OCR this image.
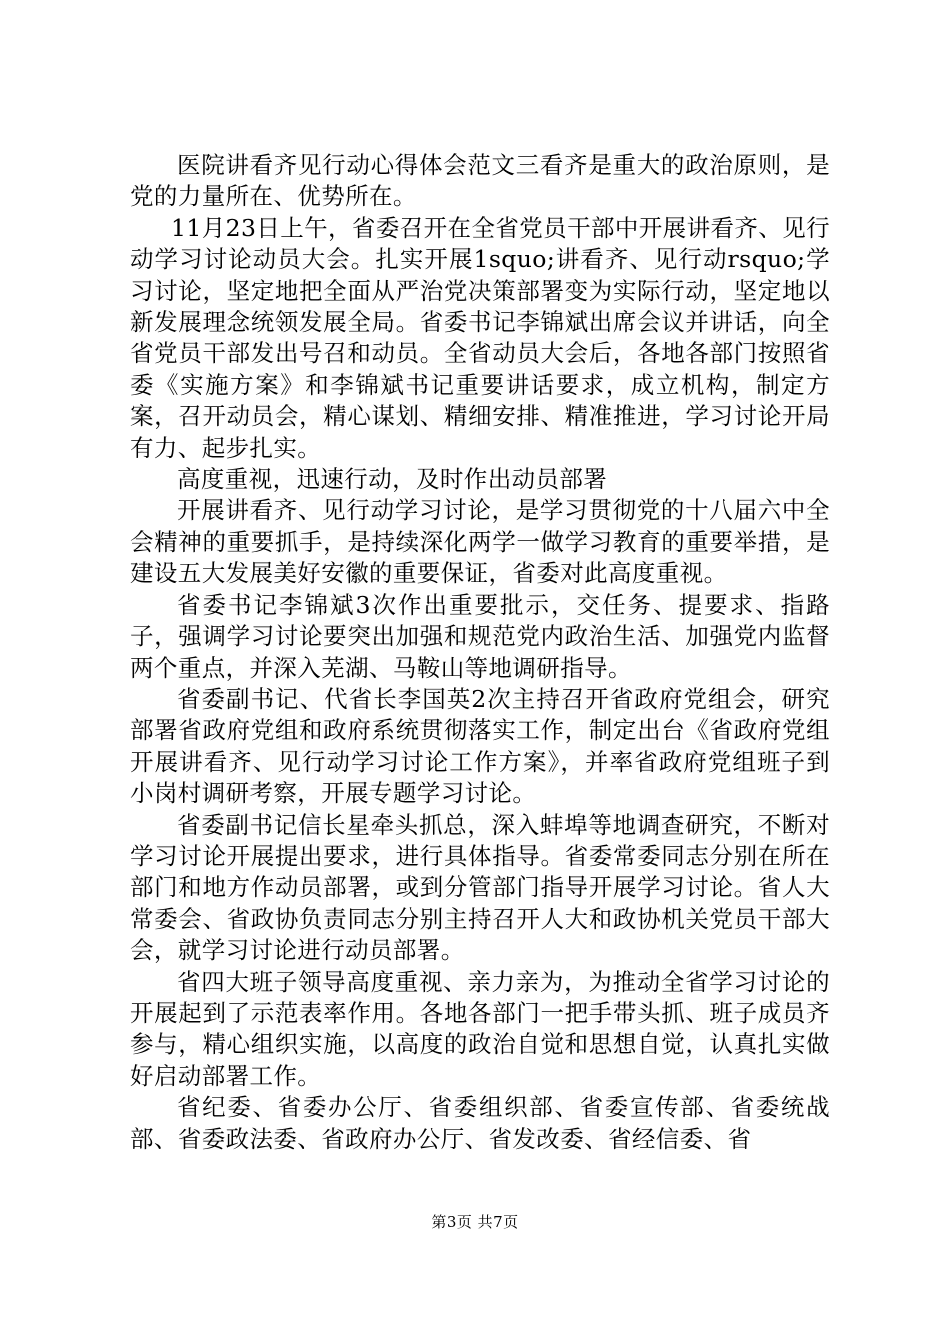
医院讲看齐见行动心得体会范文三看齐是重大的政治原则，是党的力量所在、优势所在。

11月23日上午，省委召开在全省党员干部中开展讲看齐、见行动学习讨论动员大会。扎实开展1squo;讲看齐、见行动rsquo;学习讨论，坚定地把全面从严治党决策部署变为实际行动，坚定地以新发展理念统领发展全局。省委书记李锦斌出席会议并讲话，向全省党员干部发出号召和动员。全省动员大会后，各地各部门按照省委《实施方案》和李锦斌书记重要讲话要求，成立机构，制定方案，召开动员会，精心谋划、精细安排、精准推进，学习讨论开局有力、起步扎实。

高度重视，迅速行动，及时作出动员部署

开展讲看齐、见行动学习讨论，是学习贯彻党的十八届六中全会精神的重要抓手，是持续深化两学一做学习教育的重要举措，是建设五大发展美好安徽的重要保证，省委对此高度重视。

省委书记李锦斌3次作出重要批示，交任务、提要求、指路子，强调学习讨论要突出加强和规范党内政治生活、加强党内监督两个重点，并深入芜湖、马鞍山等地调研指导。

省委副书记、代省长李国英2次主持召开省政府党组会，研究部署省政府党组和政府系统贯彻落实工作，制定出台《省政府党组开展讲看齐、见行动学习讨论工作方案》，并率省政府党组班子到小岗村调研考察，开展专题学习讨论。

省委副书记信长星牵头抓总，深入蚌埠等地调查研究，不断对学习讨论开展提出要求，进行具体指导。省委常委同志分别在所在部门和地方作动员部署，或到分管部门指导开展学习讨论。省人大常委会、省政协负责同志分别主持召开人大和政协机关党员干部大会，就学习讨论进行动员部署。

省四大班子领导高度重视、亲力亲为，为推动全省学习讨论的开展起到了示范表率作用。各地各部门一把手带头抓、班子成员齐参与，精心组织实施，以高度的政治自觉和思想自觉，认真扎实做好启动部署工作。

省纪委、省委办公厅、省委组织部、省委宣传部、省委统战部、省委政法委、省政府办公厅、省发改委、省经信委、省

第3页 共7页
